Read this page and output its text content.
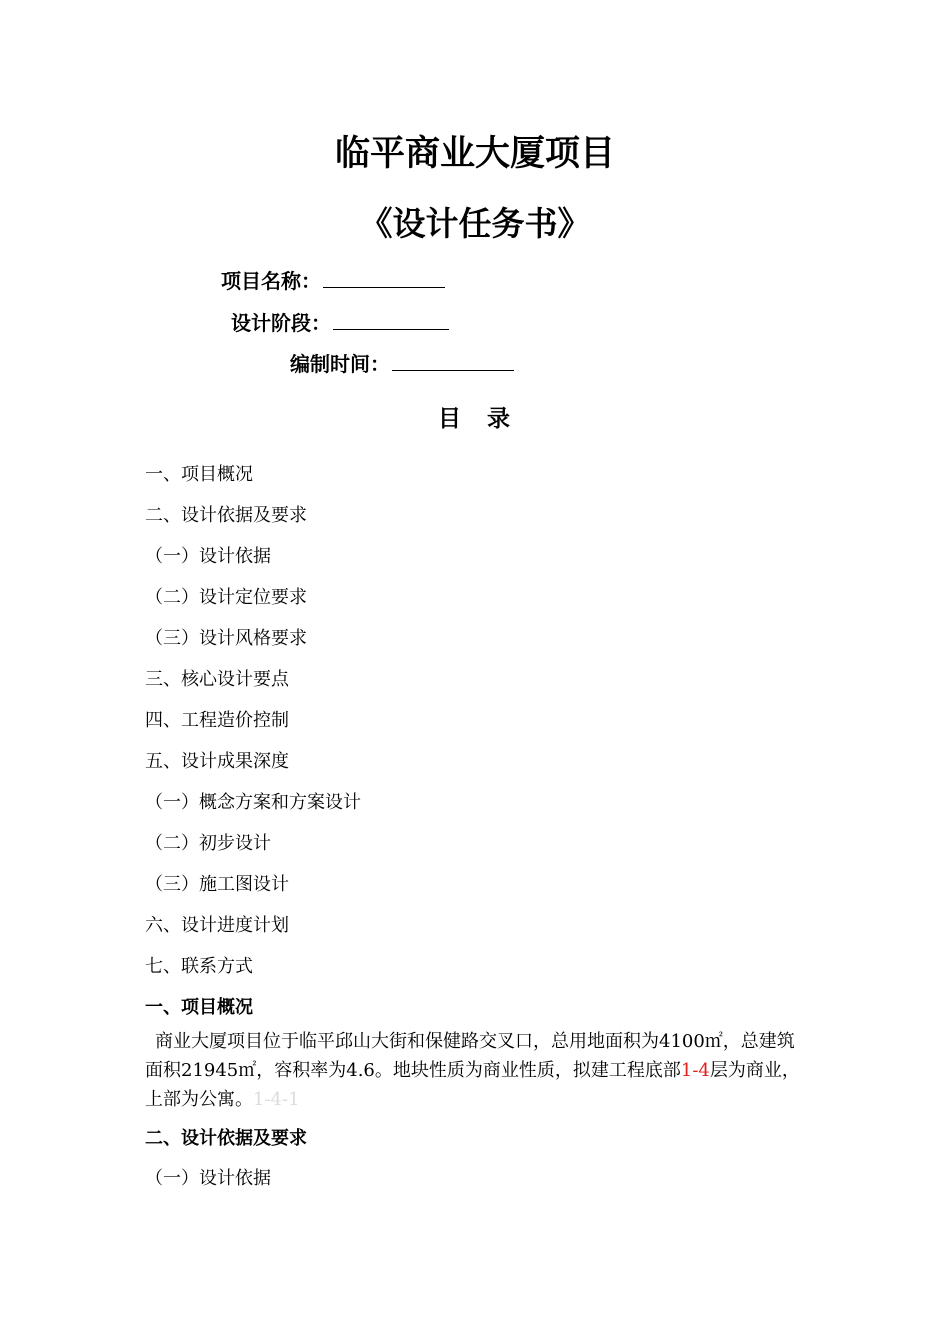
临平商业大厦项目
《设计任务书》
项目名称：
设计阶段：
编制时间：
目 录
一、项目概况
二、设计依据及要求
（一）设计依据
（二）设计定位要求
（三）设计风格要求
三、核心设计要点
四、工程造价控制
五、设计成果深度
（一）概念方案和方案设计
（二）初步设计
（三）施工图设计
六、设计进度计划
七、联系方式
一、项目概况
商业大厦项目位于临平邱山大街和保健路交叉口，总用地面积为4100㎡，总建筑面积21945㎡，容积率为4.6。地块性质为商业性质，拟建工程底部1-4层为商业，上部为公寓。1-4-1
二、设计依据及要求
（一）设计依据
